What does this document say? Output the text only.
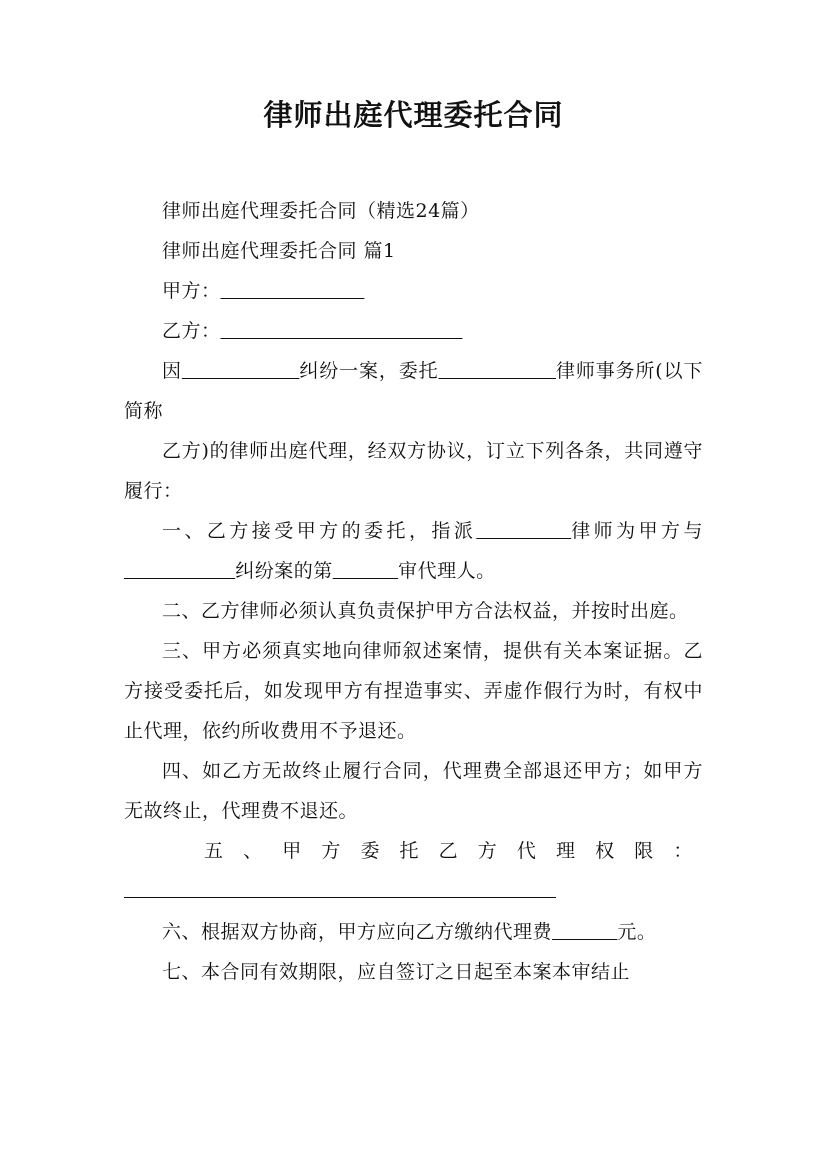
律师出庭代理委托合同

律师出庭代理委托合同（精选24篇）

律师出庭代理委托合同 篇1

甲方：

乙方：

因	纠纷一案，委托	律师事务所(以下简称

乙方)的律师出庭代理，经双方协议，订立下列各条，共同遵守履行：

一、乙方接受甲方的委托，指派	律师为甲方与                 纠纷案的第	审代理人。

二、乙方律师必须认真负责保护甲方合法权益，并按时出庭。

三、甲方必须真实地向律师叙述案情，提供有关本案证据。乙方接受委托后，如发现甲方有捏造事实、弄虚作假行为时，有权中止代理，依约所收费用不予退还。

四、如乙方无故终止履行合同，代理费全部退还甲方；如甲方无故终止，代理费不退还。

五 、 甲 方 委 托 乙 方 代 理 权 限 ：

六、根据双方协商，甲方应向乙方缴纳代理费	元。

七、本合同有效期限，应自签订之日起至本案本审结止
